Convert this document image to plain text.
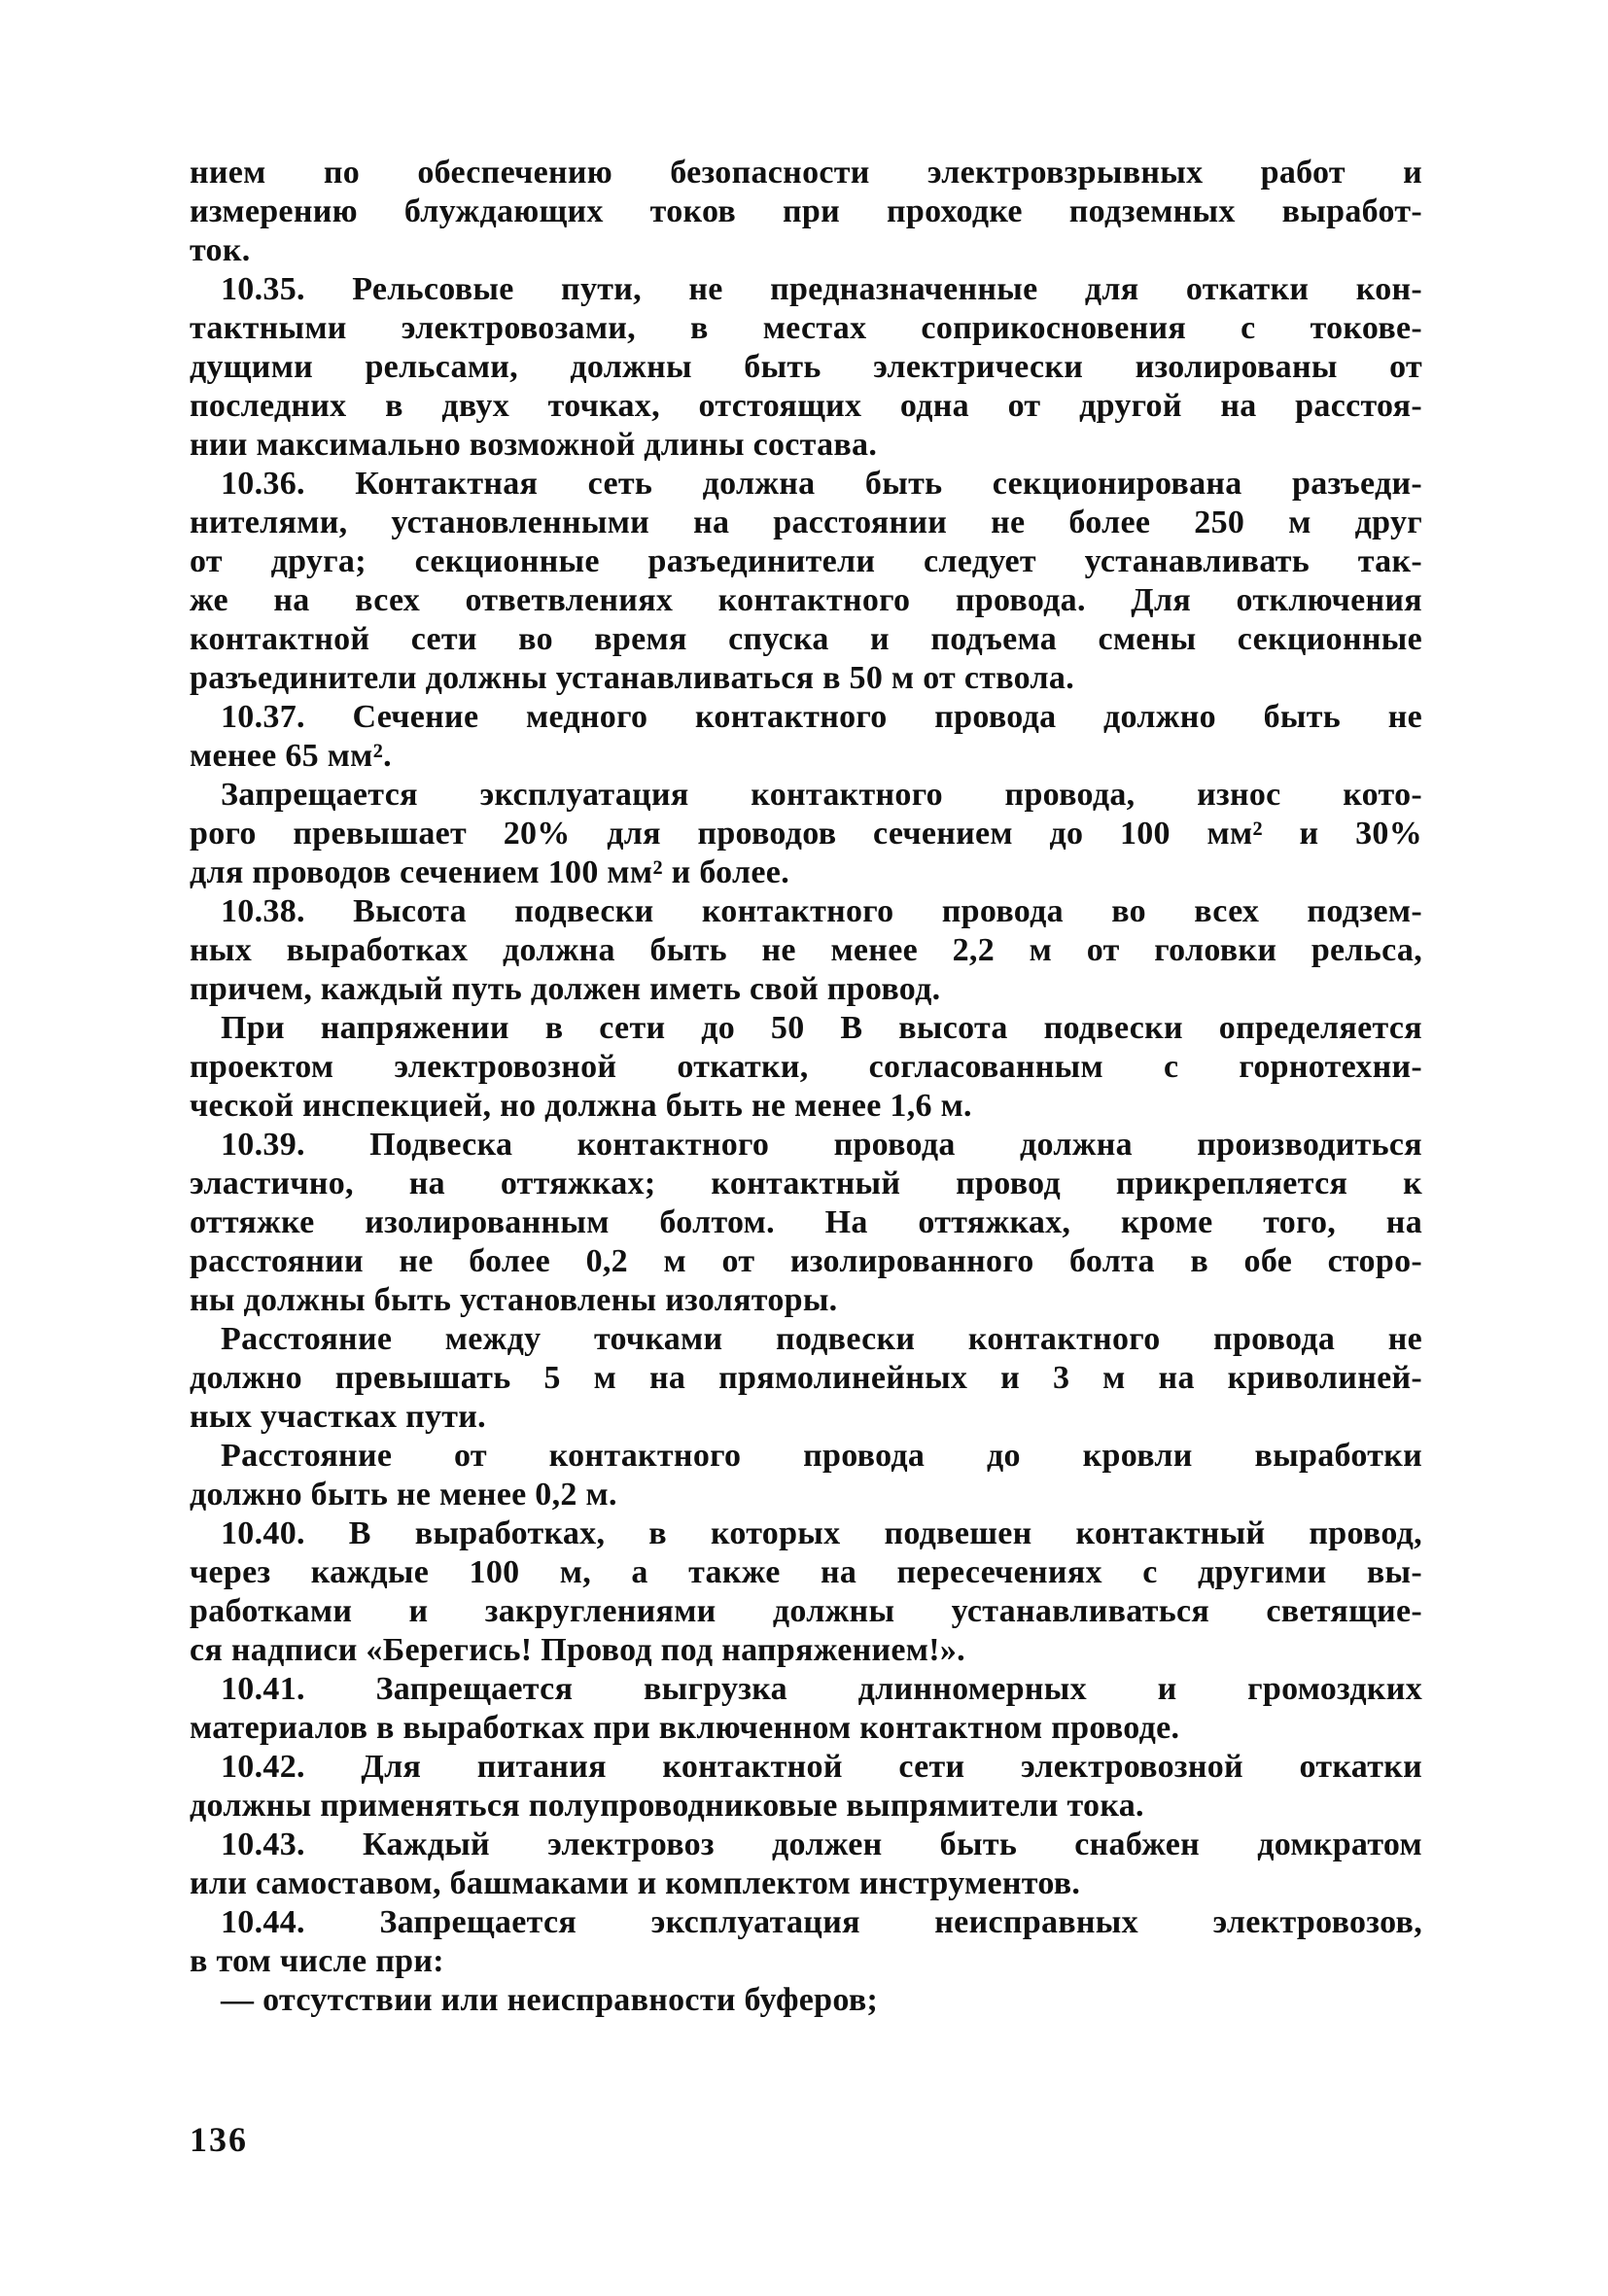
нием по обеспечению безопасности электровзрывных работ и
измерению блуждающих токов при проходке подземных выработ-
ток.
10.35. Рельсовые пути, не предназначенные для откатки кон-
тактными электровозами, в местах соприкосновения с токове-
дущими рельсами, должны быть электрически изолированы от
последних в двух точках, отстоящих одна от другой на расстоя-
нии максимально возможной длины состава.
10.36. Контактная сеть должна быть секционирована разъеди-
нителями, установленными на расстоянии не более 250 м друг
от друга; секционные разъединители следует устанавливать так-
же на всех ответвлениях контактного провода. Для отключения
контактной сети во время спуска и подъема смены секционные
разъединители должны устанавливаться в 50 м от ствола.
10.37. Сечение медного контактного провода должно быть не
менее 65 мм².
Запрещается эксплуатация контактного провода, износ кото-
рого превышает 20% для проводов сечением до 100 мм² и 30%
для проводов сечением 100 мм² и более.
10.38. Высота подвески контактного провода во всех подзем-
ных выработках должна быть не менее 2,2 м от головки рельса,
причем, каждый путь должен иметь свой провод.
При напряжении в сети до 50 В высота подвески определяется
проектом электровозной откатки, согласованным с горнотехни-
ческой инспекцией, но должна быть не менее 1,6 м.
10.39. Подвеска контактного провода должна производиться
эластично, на оттяжках; контактный провод прикрепляется к
оттяжке изолированным болтом. На оттяжках, кроме того, на
расстоянии не более 0,2 м от изолированного болта в обе сторо-
ны должны быть установлены изоляторы.
Расстояние между точками подвески контактного провода не
должно превышать 5 м на прямолинейных и 3 м на криволиней-
ных участках пути.
Расстояние от контактного провода до кровли выработки
должно быть не менее 0,2 м.
10.40. В выработках, в которых подвешен контактный провод,
через каждые 100 м, а также на пересечениях с другими вы-
работками и закруглениями должны устанавливаться светящие-
ся надписи «Берегись! Провод под напряжением!».
10.41. Запрещается выгрузка длинномерных и громоздких
материалов в выработках при включенном контактном проводе.
10.42. Для питания контактной сети электровозной откатки
должны применяться полупроводниковые выпрямители тока.
10.43. Каждый электровоз должен быть снабжен домкратом
или самоставом, башмаками и комплектом инструментов.
10.44. Запрещается эксплуатация неисправных электровозов,
в том числе при:
— отсутствии или неисправности буферов;
136
